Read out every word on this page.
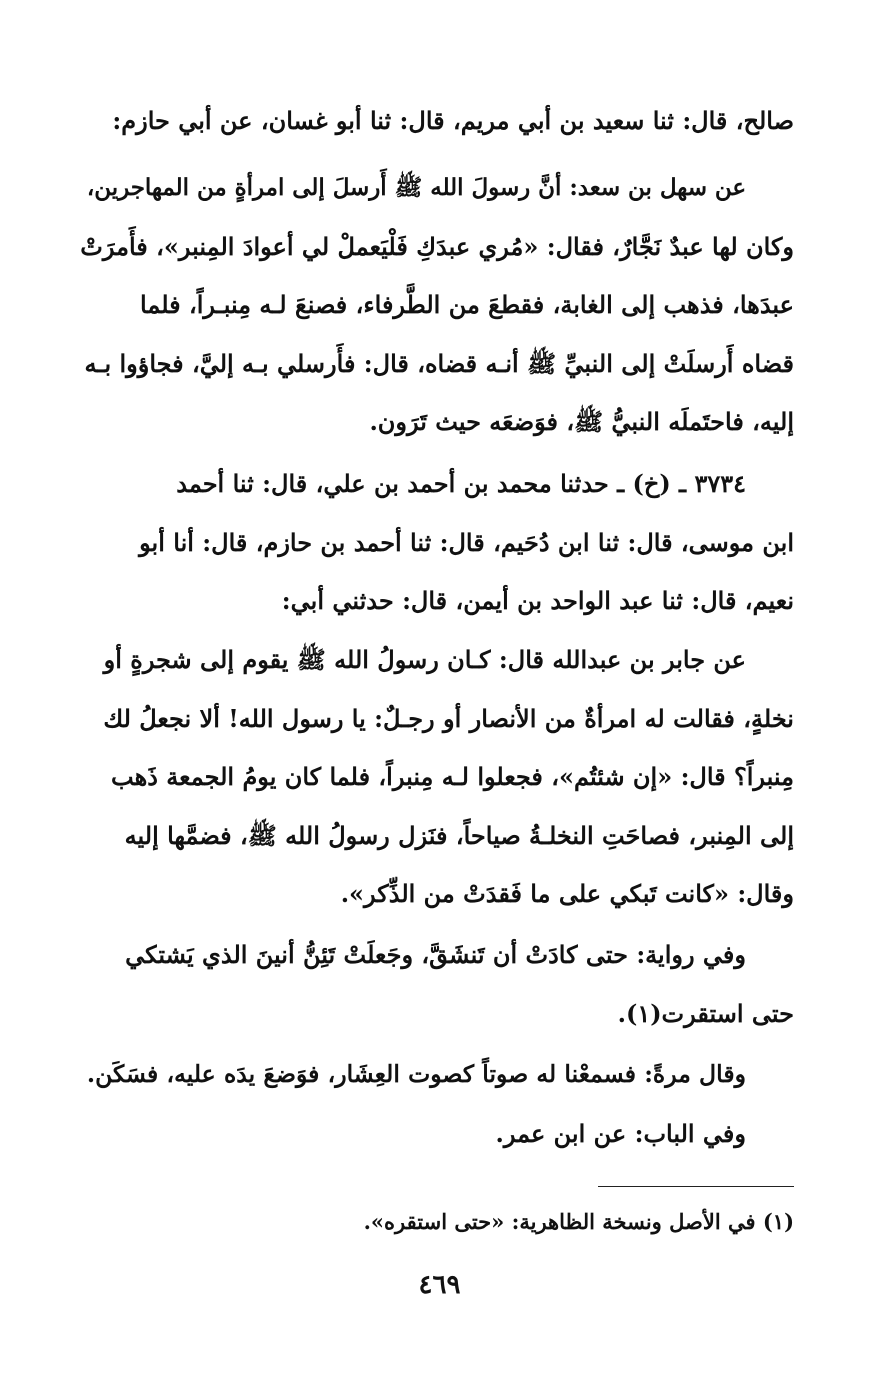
صالح، قال: ثنا سعيد بن أبي مريم، قال: ثنا أبو غسان، عن أبي حازم:
عن سهل بن سعد: أنَّ رسولَ الله ﷺ أَرسلَ إلى امرأةٍ من المهاجرين،
وكان لها عبدٌ نَجَّارٌ، فقال: «مُري عبدَكِ فَلْيَعملْ لي أعوادَ المِنبر»، فأَمرَتْ
عبدَها، فذهب إلى الغابة، فقطعَ من الطَّرفاء، فصنعَ لـه مِنبـراً، فلما
قضاه أَرسلَتْ إلى النبيِّ ﷺ أنـه قضاه، قال: فأَرسلي بـه إليَّ، فجاؤوا بـه
إليه، فاحتَملَه النبيُّ ﷺ، فوَضعَه حيث تَرَون.
٣٧٣٤ ـ (خ) ـ حدثنا محمد بن أحمد بن علي، قال: ثنا أحمد
ابن موسى، قال: ثنا ابن دُحَيم، قال: ثنا أحمد بن حازم، قال: أنا أبو
نعيم، قال: ثنا عبد الواحد بن أيمن، قال: حدثني أبي:
عن جابر بن عبدالله قال: كـان رسولُ الله ﷺ يقوم إلى شجرةٍ أو
نخلةٍ، فقالت له امرأةٌ من الأنصار أو رجـلٌ: يا رسول الله! ألا نجعلُ لك
مِنبراً؟ قال: «إن شئتُم»، فجعلوا لـه مِنبراً، فلما كان يومُ الجمعة ذَهب
إلى المِنبر، فصاحَتِ النخلـةُ صياحاً، فنَزل رسولُ الله ﷺ، فضمَّها إليه
وقال: «كانت تَبكي على ما فَقدَتْ من الذِّكر».
وفي رواية: حتى كادَتْ أن تَنشَقَّ، وجَعلَتْ تَئِنُّ أنينَ الذي يَشتكي
حتى استقرت(١).
وقال مرةً: فسمعْنا له صوتاً كصوت العِشَار، فوَضعَ يدَه عليه، فسَكَن.
وفي الباب: عن ابن عمر.
(١) في الأصل ونسخة الظاهرية: «حتى استقره».
٤٦٩
